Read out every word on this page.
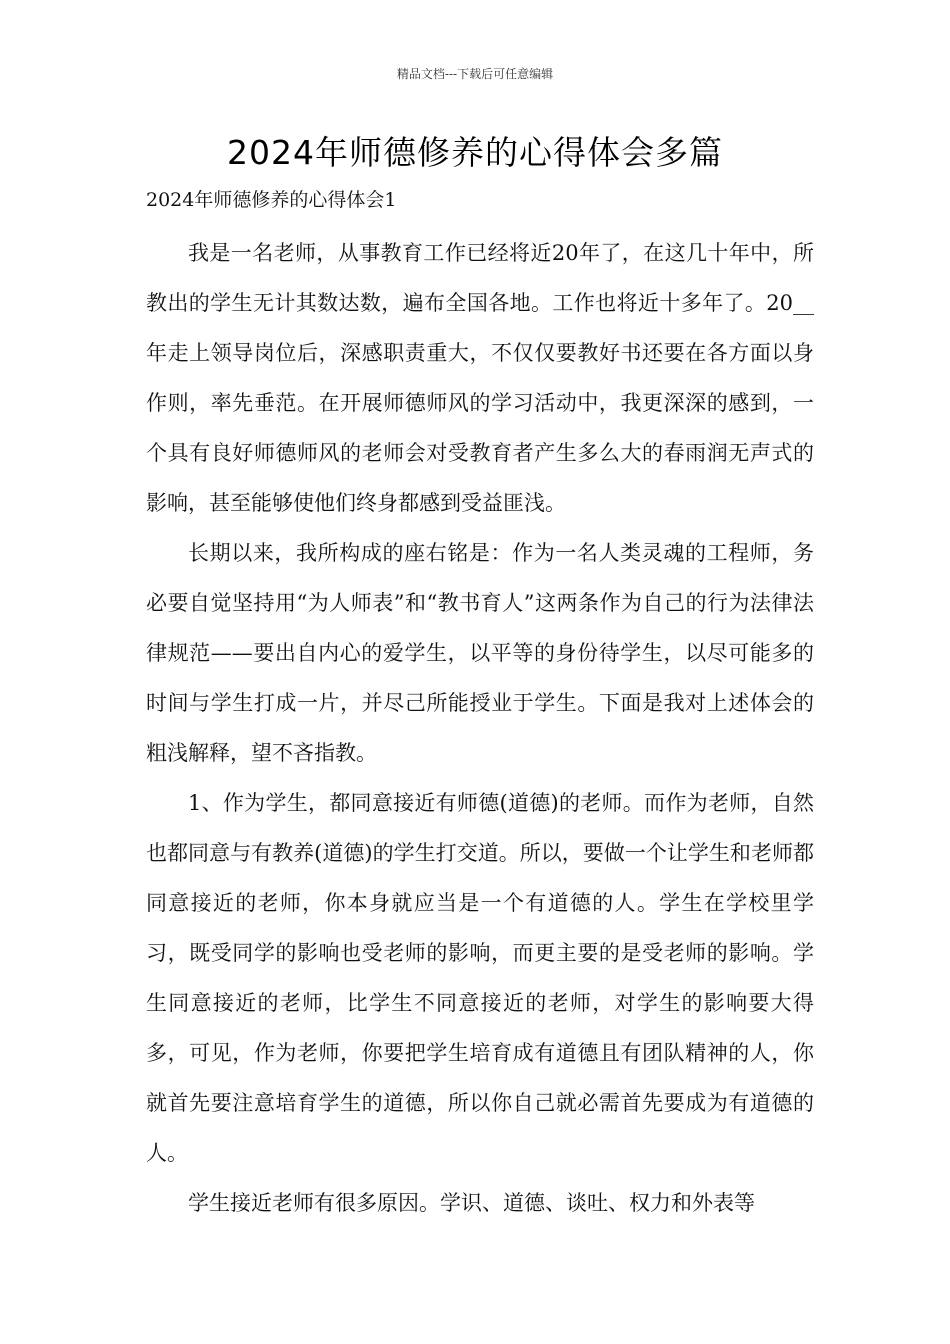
精品文档---下载后可任意编辑
2024年师德修养的心得体会多篇
2024年师德修养的心得体会1

我是一名老师，从事教育工作已经将近20年了，在这几十年中，所教出的学生无计其数达数，遍布全国各地。工作也将近十多年了。20__年走上领导岗位后，深感职责重大，不仅仅要教好书还要在各方面以身作则，率先垂范。在开展师德师风的学习活动中，我更深深的感到，一个具有良好师德师风的老师会对受教育者产生多么大的春雨润无声式的影响，甚至能够使他们终身都感到受益匪浅。

长期以来，我所构成的座右铭是：作为一名人类灵魂的工程师，务必要自觉坚持用“为人师表”和“教书育人”这两条作为自己的行为法律法律规范——要出自内心的爱学生，以平等的身份待学生，以尽可能多的时间与学生打成一片，并尽己所能授业于学生。下面是我对上述体会的粗浅解释，望不吝指教。

1、作为学生，都同意接近有师德(道德)的老师。而作为老师，自然也都同意与有教养(道德)的学生打交道。所以，要做一个让学生和老师都同意接近的老师，你本身就应当是一个有道德的人。学生在学校里学习，既受同学的影响也受老师的影响，而更主要的是受老师的影响。学生同意接近的老师，比学生不同意接近的老师，对学生的影响要大得多，可见，作为老师，你要把学生培育成有道德且有团队精神的人，你就首先要注意培育学生的道德，所以你自己就必需首先要成为有道德的人。

学生接近老师有很多原因。学识、道德、谈吐、权力和外表等
